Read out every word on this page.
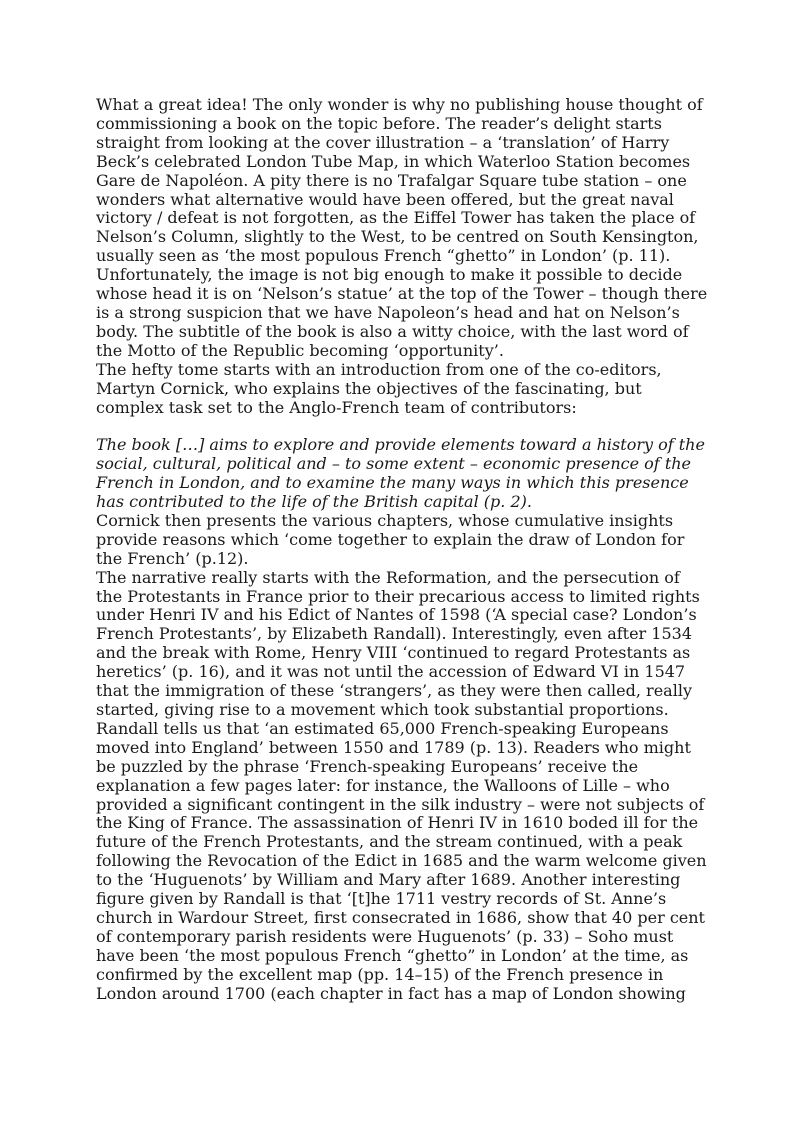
What a great idea! The only wonder is why no publishing house thought of commissioning a book on the topic before. The reader’s delight starts straight from looking at the cover illustration – a ‘translation’ of Harry Beck’s celebrated London Tube Map, in which Waterloo Station becomes Gare de Napoléon. A pity there is no Trafalgar Square tube station – one wonders what alternative would have been offered, but the great naval victory / defeat is not forgotten, as the Eiffel Tower has taken the place of Nelson’s Column, slightly to the West, to be centred on South Kensington, usually seen as ‘the most populous French “ghetto” in London’ (p. 11). Unfortunately, the image is not big enough to make it possible to decide whose head it is on ‘Nelson’s statue’ at the top of the Tower – though there is a strong suspicion that we have Napoleon’s head and hat on Nelson’s body. The subtitle of the book is also a witty choice, with the last word of the Motto of the Republic becoming ‘opportunity’.

The hefty tome starts with an introduction from one of the co-editors, Martyn Cornick, who explains the objectives of the fascinating, but complex task set to the Anglo-French team of contributors:

The book […] aims to explore and provide elements toward a history of the social, cultural, political and – to some extent – economic presence of the French in London, and to examine the many ways in which this presence has contributed to the life of the British capital (p. 2).

Cornick then presents the various chapters, whose cumulative insights provide reasons which ‘come together to explain the draw of London for the French’ (p.12).

The narrative really starts with the Reformation, and the persecution of the Protestants in France prior to their precarious access to limited rights under Henri IV and his Edict of Nantes of 1598 (‘A special case? London’s French Protestants’, by Elizabeth Randall). Interestingly, even after 1534 and the break with Rome, Henry VIII ‘continued to regard Protestants as heretics’ (p. 16), and it was not until the accession of Edward VI in 1547 that the immigration of these ‘strangers’, as they were then called, really started, giving rise to a movement which took substantial proportions. Randall tells us that ‘an estimated 65,000 French-speaking Europeans moved into England’ between 1550 and 1789 (p. 13). Readers who might be puzzled by the phrase ‘French-speaking Europeans’ receive the explanation a few pages later: for instance, the Walloons of Lille – who provided a significant contingent in the silk industry – were not subjects of the King of France. The assassination of Henri IV in 1610 boded ill for the future of the French Protestants, and the stream continued, with a peak following the Revocation of the Edict in 1685 and the warm welcome given to the ‘Huguenots’ by William and Mary after 1689. Another interesting figure given by Randall is that ‘[t]he 1711 vestry records of St. Anne’s church in Wardour Street, first consecrated in 1686, show that 40 per cent of contemporary parish residents were Huguenots’ (p. 33) – Soho must have been ‘the most populous French “ghetto” in London’ at the time, as confirmed by the excellent map (pp. 14–15) of the French presence in London around 1700 (each chapter in fact has a map of London showing
